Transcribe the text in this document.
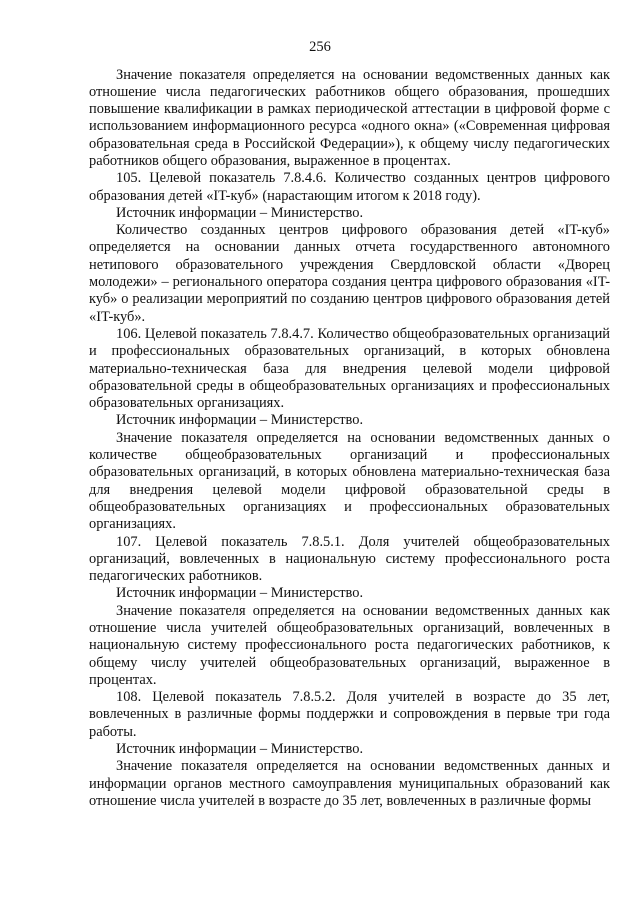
256

Значение показателя определяется на основании ведомственных данных как отношение числа педагогических работников общего образования, прошедших повышение квалификации в рамках периодической аттестации в цифровой форме с использованием информационного ресурса «одного окна» («Современная цифровая образовательная среда в Российской Федерации»), к общему числу педагогических работников общего образования, выраженное в процентах.

105. Целевой показатель 7.8.4.6. Количество созданных центров цифрового образования детей «IT-куб» (нарастающим итогом к 2018 году).

Источник информации – Министерство.

Количество созданных центров цифрового образования детей «IT-куб» определяется на основании данных отчета государственного автономного нетипового образовательного учреждения Свердловской области «Дворец молодежи» – регионального оператора создания центра цифрового образования «IT-куб» о реализации мероприятий по созданию центров цифрового образования детей «IT-куб».

106. Целевой показатель 7.8.4.7. Количество общеобразовательных организаций и профессиональных образовательных организаций, в которых обновлена материально-техническая база для внедрения целевой модели цифровой образовательной среды в общеобразовательных организациях и профессиональных образовательных организациях.

Источник информации – Министерство.

Значение показателя определяется на основании ведомственных данных о количестве общеобразовательных организаций и профессиональных образовательных организаций, в которых обновлена материально-техническая база для внедрения целевой модели цифровой образовательной среды в общеобразовательных организациях и профессиональных образовательных организациях.

107. Целевой показатель 7.8.5.1. Доля учителей общеобразовательных организаций, вовлеченных в национальную систему профессионального роста педагогических работников.

Источник информации – Министерство.

Значение показателя определяется на основании ведомственных данных как отношение числа учителей общеобразовательных организаций, вовлеченных в национальную систему профессионального роста педагогических работников, к общему числу учителей общеобразовательных организаций, выраженное в процентах.

108. Целевой показатель 7.8.5.2. Доля учителей в возрасте до 35 лет, вовлеченных в различные формы поддержки и сопровождения в первые три года работы.

Источник информации – Министерство.

Значение показателя определяется на основании ведомственных данных и информации органов местного самоуправления муниципальных образований как отношение числа учителей в возрасте до 35 лет, вовлеченных в различные формы
